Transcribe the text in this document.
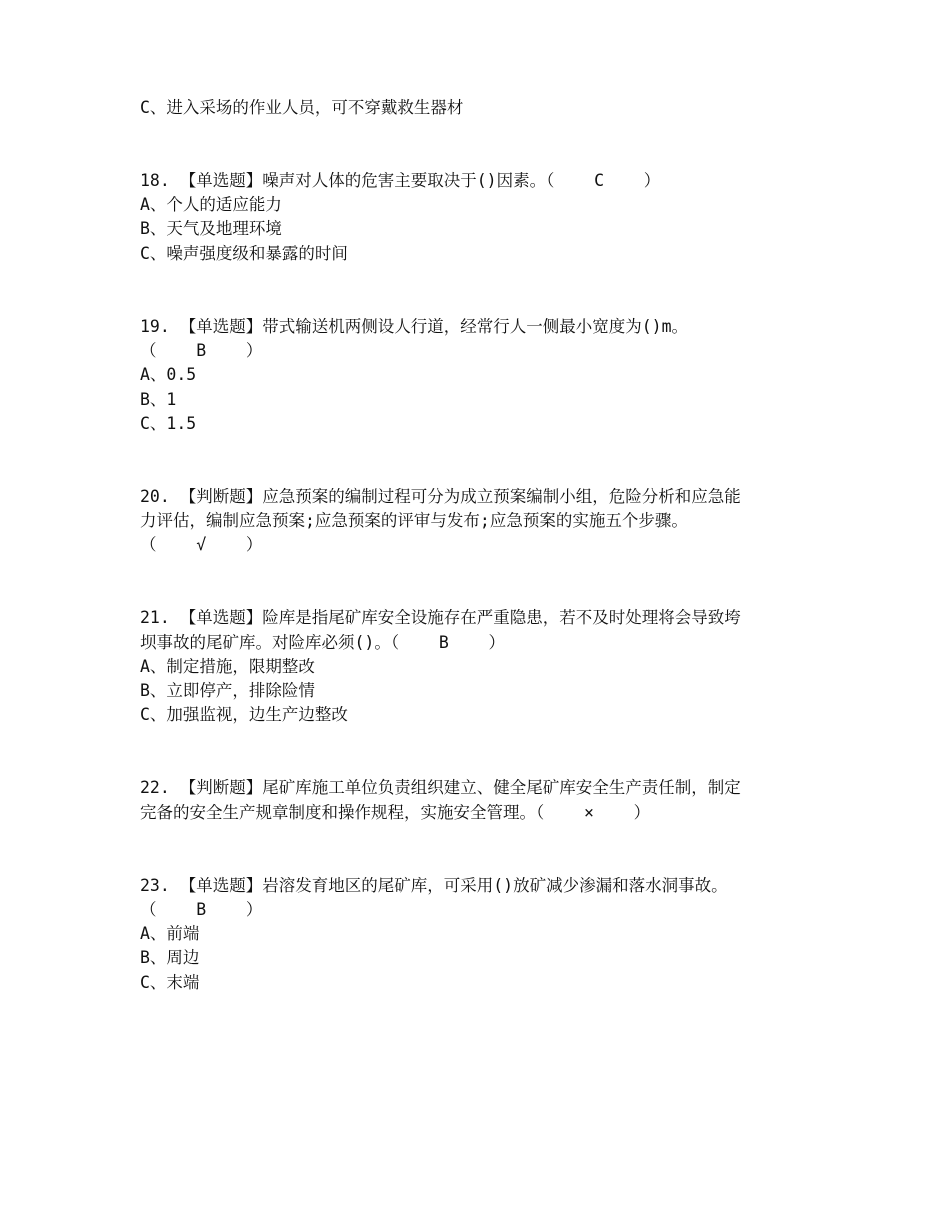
C、进入采场的作业人员，可不穿戴救生器材
18. 【单选题】噪声对人体的危害主要取决于()因素。（    C    ）
A、个人的适应能力
B、天气及地理环境
C、噪声强度级和暴露的时间
19. 【单选题】带式输送机两侧设人行道，经常行人一侧最小宽度为()m。
（    B    ）
A、0.5
B、1
C、1.5
20. 【判断题】应急预案的编制过程可分为成立预案编制小组，危险分析和应急能
力评估，编制应急预案;应急预案的评审与发布;应急预案的实施五个步骤。
（    √    ）
21. 【单选题】险库是指尾矿库安全设施存在严重隐患，若不及时处理将会导致垮
坝事故的尾矿库。对险库必须()。（    B    ）
A、制定措施，限期整改
B、立即停产，排除险情
C、加强监视，边生产边整改
22. 【判断题】尾矿库施工单位负责组织建立、健全尾矿库安全生产责任制，制定
完备的安全生产规章制度和操作规程，实施安全管理。（    ×    ）
23. 【单选题】岩溶发育地区的尾矿库，可采用()放矿减少渗漏和落水洞事故。
（    B    ）
A、前端
B、周边
C、末端
